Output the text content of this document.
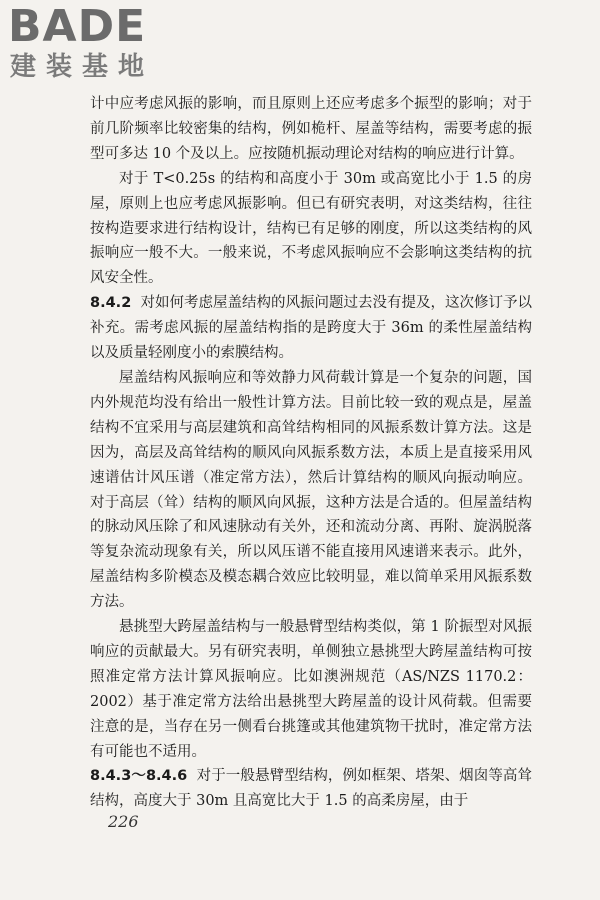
BADE
建装基地

计中应考虑风振的影响，而且原则上还应考虑多个振型的影响；对于前几阶频率比较密集的结构，例如桅杆、屋盖等结构，需要考虑的振型可多达 10 个及以上。应按随机振动理论对结构的响应进行计算。

对于 T<0.25s 的结构和高度小于 30m 或高宽比小于 1.5 的房屋，原则上也应考虑风振影响。但已有研究表明，对这类结构，往往按构造要求进行结构设计，结构已有足够的刚度，所以这类结构的风振响应一般不大。一般来说，不考虑风振响应不会影响这类结构的抗风安全性。

8.4.2 对如何考虑屋盖结构的风振问题过去没有提及，这次修订予以补充。需考虑风振的屋盖结构指的是跨度大于 36m 的柔性屋盖结构以及质量轻刚度小的索膜结构。

屋盖结构风振响应和等效静力风荷载计算是一个复杂的问题，国内外规范均没有给出一般性计算方法。目前比较一致的观点是，屋盖结构不宜采用与高层建筑和高耸结构相同的风振系数计算方法。这是因为，高层及高耸结构的顺风向风振系数方法，本质上是直接采用风速谱估计风压谱（准定常方法），然后计算结构的顺风向振动响应。对于高层（耸）结构的顺风向风振，这种方法是合适的。但屋盖结构的脉动风压除了和风速脉动有关外，还和流动分离、再附、旋涡脱落等复杂流动现象有关，所以风压谱不能直接用风速谱来表示。此外，屋盖结构多阶模态及模态耦合效应比较明显，难以简单采用风振系数方法。

悬挑型大跨屋盖结构与一般悬臂型结构类似，第 1 阶振型对风振响应的贡献最大。另有研究表明，单侧独立悬挑型大跨屋盖结构可按照准定常方法计算风振响应。比如澳洲规范（AS/NZS 1170.2：2002）基于准定常方法给出悬挑型大跨屋盖的设计风荷载。但需要注意的是，当存在另一侧看台挑篷或其他建筑物干扰时，准定常方法有可能也不适用。

8.4.3～8.4.6 对于一般悬臂型结构，例如框架、塔架、烟囱等高耸结构，高度大于 30m 且高宽比大于 1.5 的高柔房屋，由于

226
